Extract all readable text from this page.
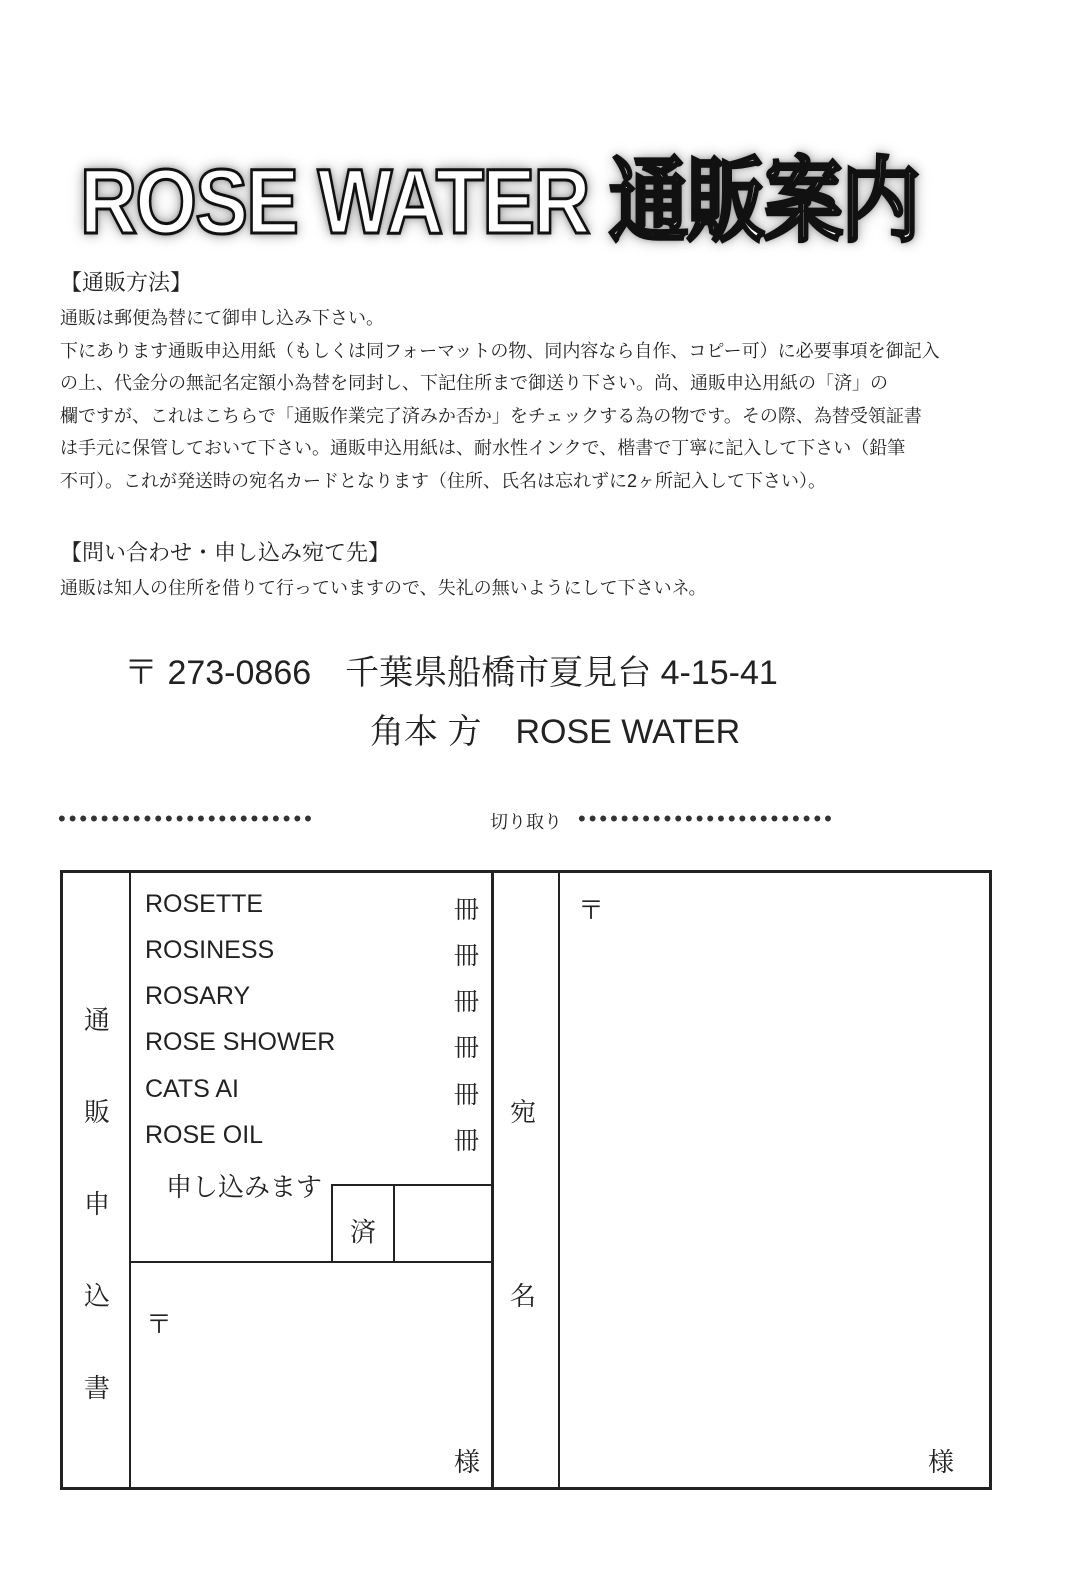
ROSE WATER 通販案内
【通販方法】
通販は郵便為替にて御申し込み下さい。
下にあります通販申込用紙（もしくは同フォーマットの物、同内容なら自作、コピー可）に必要事項を御記入
の上、代金分の無記名定額小為替を同封し、下記住所まで御送り下さい。尚、通販申込用紙の「済」の
欄ですが、これはこちらで「通販作業完了済みか否か」をチェックする為の物です。その際、為替受領証書
は手元に保管しておいて下さい。通販申込用紙は、耐水性インクで、楷書で丁寧に記入して下さい（鉛筆
不可）。これが発送時の宛名カードとなります（住所、氏名は忘れずに2ヶ所記入して下さい）。
【問い合わせ・申し込み宛て先】
通販は知人の住所を借りて行っていますので、失礼の無いようにして下さいネ。
〒 273-0866　千葉県船橋市夏見台 4-15-41
角本 方　ROSE WATER
••••••••••••••••••••••••	切り取り ••••••••••••••••••••••••
通
販
申
込
書
ROSETTE
ROSINESS
ROSARY
ROSE SHOWER
CATS AI
ROSE OIL
冊
冊
冊
冊
冊
冊
申し込みます
済
〒
様
宛
名
〒
様
